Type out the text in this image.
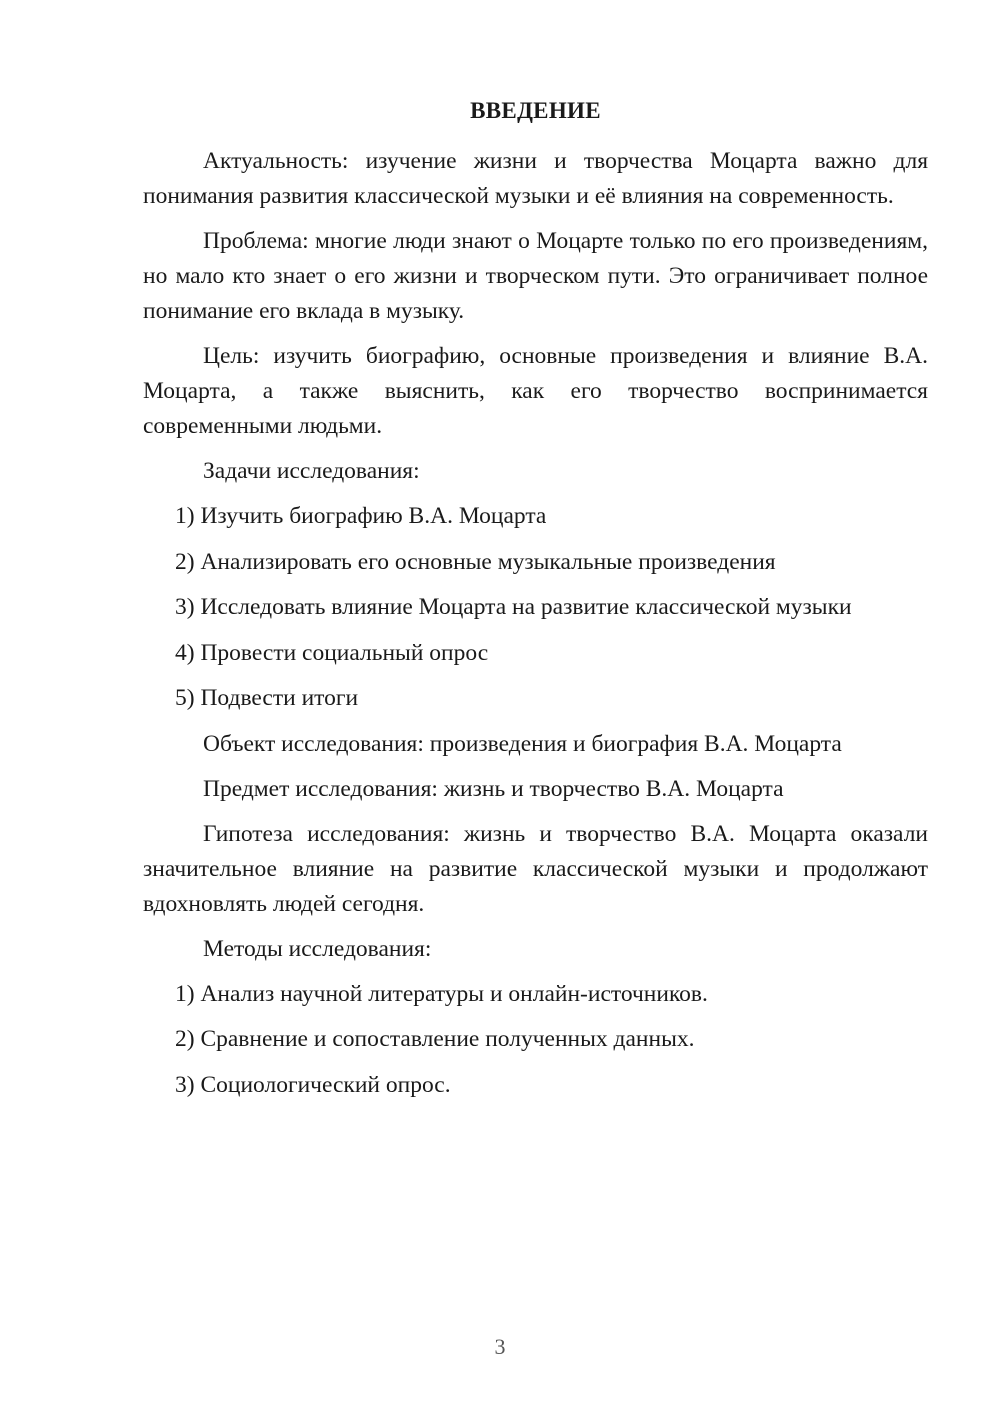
ВВЕДЕНИЕ

Актуальность: изучение жизни и творчества Моцарта важно для понимания развития классической музыки и её влияния на современность.

Проблема: многие люди знают о Моцарте только по его произведениям, но мало кто знает о его жизни и творческом пути. Это ограничивает полное понимание его вклада в музыку.

Цель: изучить биографию, основные произведения и влияние В.А. Моцарта, а также выяснить, как его творчество воспринимается современными людьми.

Задачи исследования:
1) Изучить биографию В.А. Моцарта
2) Анализировать его основные музыкальные произведения
3) Исследовать влияние Моцарта на развитие классической музыки
4) Провести социальный опрос
5) Подвести итоги
Объект исследования: произведения и биография В.А. Моцарта
Предмет исследования: жизнь и творчество В.А. Моцарта

Гипотеза исследования: жизнь и творчество В.А. Моцарта оказали значительное влияние на развитие классической музыки и продолжают вдохновлять людей сегодня.

Методы исследования:
1) Анализ научной литературы и онлайн-источников.
2) Сравнение и сопоставление полученных данных.
3) Социологический опрос.
3
